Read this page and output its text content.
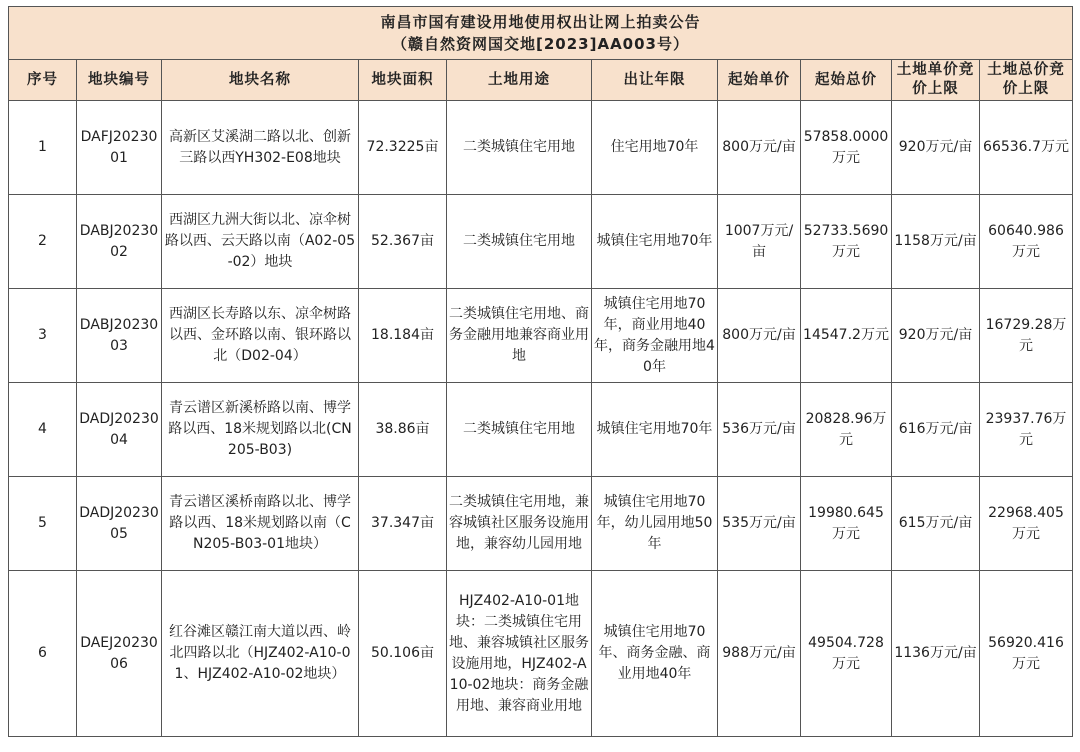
南昌市国有建设用地使用权出让网上拍卖公告
（赣自然资网国交地[2023]AA003号）									

序号	地块编号	地块名称	地块面积	土地用途	出让年限	起始单价	起始总价	土地单价竞价上限	土地总价竞价上限
1	DAFJ2023001	高新区艾溪湖二路以北、创新三路以西YH302-E08地块	72.3225亩	二类城镇住宅用地	住宅用地70年	800万元/亩	57858.0000万元	920万元/亩	66536.7万元
2	DABJ2023002	西湖区九洲大街以北、凉伞树路以西、云天路以南（A02-05-02）地块	52.367亩	二类城镇住宅用地	城镇住宅用地70年	1007万元/亩	52733.5690万元	1158万元/亩	60640.986万元
3	DABJ2023003	西湖区长寿路以东、凉伞树路以西、金环路以南、银环路以北（D02-04）	18.184亩	二类城镇住宅用地、商务金融用地兼容商业用地	城镇住宅用地70年，商业用地40年，商务金融用地40年	800万元/亩	14547.2万元	920万元/亩	16729.28万元
4	DADJ2023004	青云谱区新溪桥路以南、博学路以西、18米规划路以北(CN205-B03)	38.86亩	二类城镇住宅用地	城镇住宅用地70年	536万元/亩	20828.96万元	616万元/亩	23937.76万元
5	DADJ2023005	青云谱区溪桥南路以北、博学路以西、18米规划路以南（CN205-B03-01地块）	37.347亩	二类城镇住宅用地，兼容城镇社区服务设施用地，兼容幼儿园用地	城镇住宅用地70年，幼儿园用地50年	535万元/亩	19980.645万元	615万元/亩	22968.405万元
6	DAEJ2023006	红谷滩区赣江南大道以西、岭北四路以北（HJZ402-A10-01、HJZ402-A10-02地块）	50.106亩	HJZ402-A10-01地块：二类城镇住宅用地、兼容城镇社区服务设施用地，HJZ402-A10-02地块：商务金融用地、兼容商业用地	城镇住宅用地70年、商务金融、商业用地40年	988万元/亩	49504.728万元	1136万元/亩	56920.416万元
